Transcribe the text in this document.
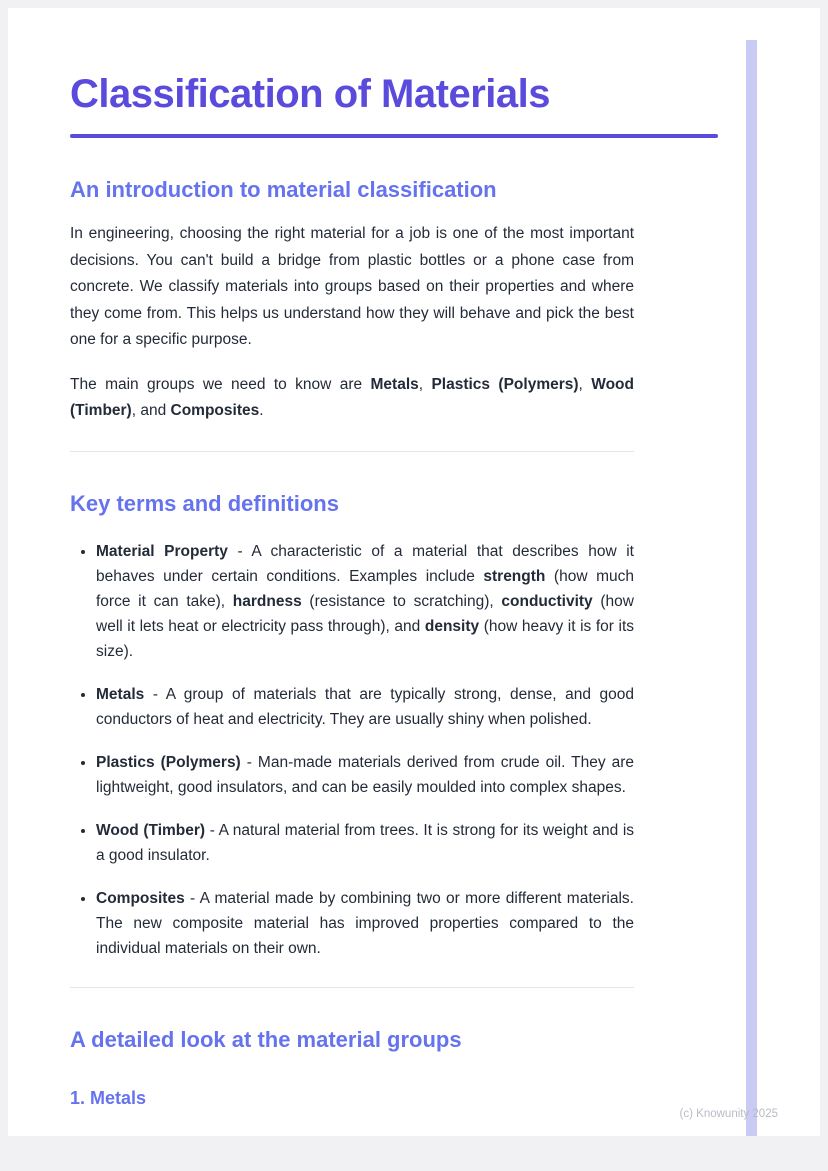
Classification of Materials
An introduction to material classification

In engineering, choosing the right material for a job is one of the most important decisions. You can't build a bridge from plastic bottles or a phone case from concrete. We classify materials into groups based on their properties and where they come from. This helps us understand how they will behave and pick the best one for a specific purpose.

The main groups we need to know are Metals, Plastics (Polymers), Wood (Timber), and Composites.

Key terms and definitions
• Material Property - A characteristic of a material that describes how it behaves under certain conditions. Examples include strength (how much force it can take), hardness (resistance to scratching), conductivity (how well it lets heat or electricity pass through), and density (how heavy it is for its size).
• Metals - A group of materials that are typically strong, dense, and good conductors of heat and electricity. They are usually shiny when polished.
• Plastics (Polymers) - Man-made materials derived from crude oil. They are lightweight, good insulators, and can be easily moulded into complex shapes.
• Wood (Timber) - A natural material from trees. It is strong for its weight and is a good insulator.
• Composites - A material made by combining two or more different materials. The new composite material has improved properties compared to the individual materials on their own.
A detailed look at the material groups
1. Metals
(c) Knowunity 2025
